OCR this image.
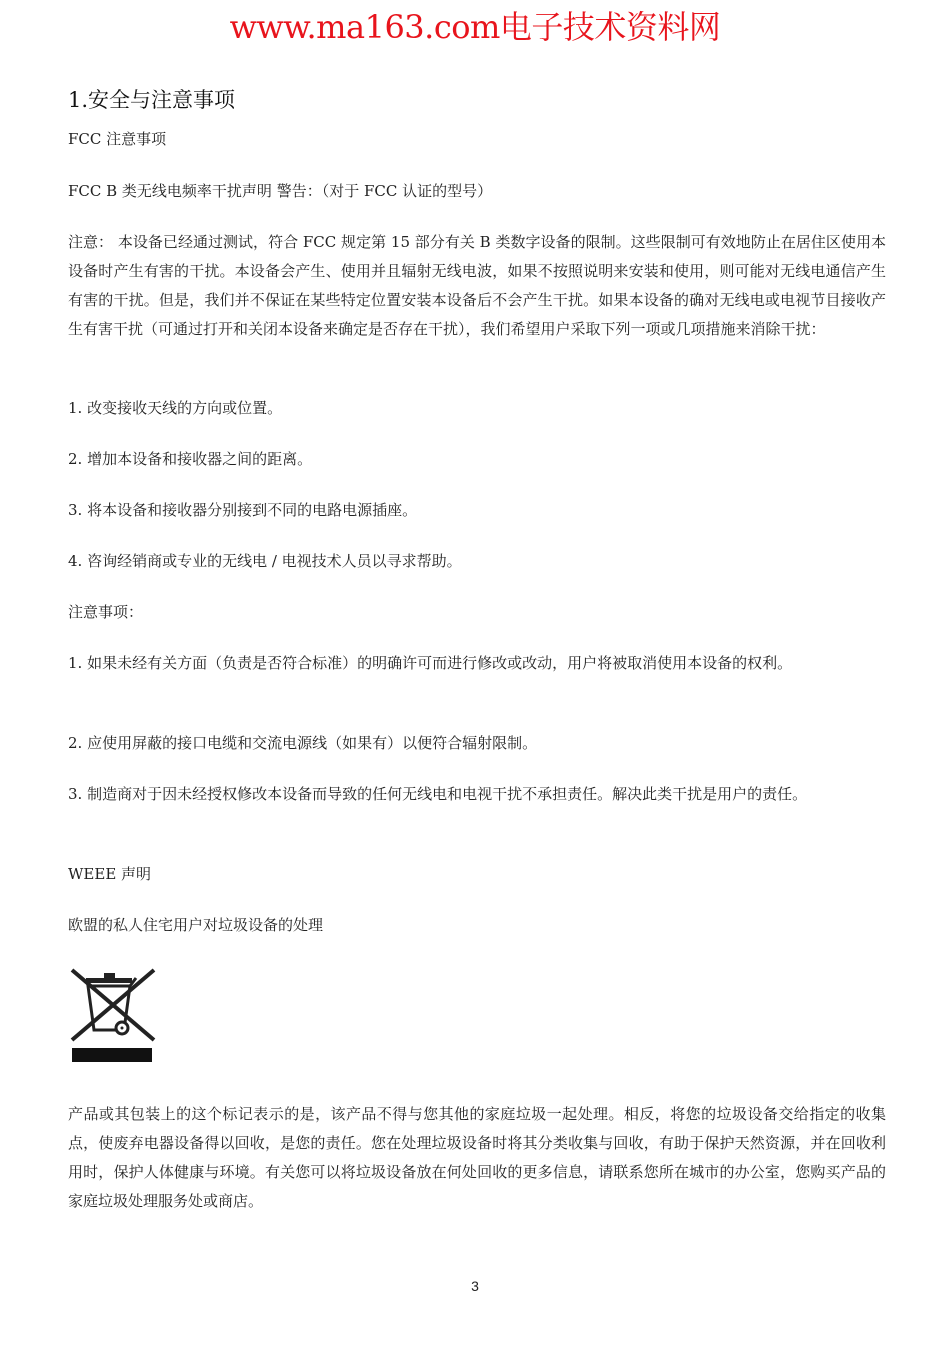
www.ma163.com电子技术资料网
1.安全与注意事项
FCC 注意事项
FCC B 类无线电频率干扰声明 警告：（对于 FCC 认证的型号）
注意： 本设备已经通过测试，符合 FCC 规定第 15 部分有关 B 类数字设备的限制。这些限制可有效地防止在居住区使用本设备时产生有害的干扰。本设备会产生、使用并且辐射无线电波，如果不按照说明来安装和使用，则可能对无线电通信产生有害的干扰。但是，我们并不保证在某些特定位置安装本设备后不会产生干扰。如果本设备的确对无线电或电视节目接收产生有害干扰（可通过打开和关闭本设备来确定是否存在干扰），我们希望用户采取下列一项或几项措施来消除干扰：
1. 改变接收天线的方向或位置。
2. 增加本设备和接收器之间的距离。
3. 将本设备和接收器分别接到不同的电路电源插座。
4. 咨询经销商或专业的无线电 / 电视技术人员以寻求帮助。
注意事项：
1. 如果未经有关方面（负责是否符合标准）的明确许可而进行修改或改动，用户将被取消使用本设备的权利。
2. 应使用屏蔽的接口电缆和交流电源线（如果有）以便符合辐射限制。
3. 制造商对于因未经授权修改本设备而导致的任何无线电和电视干扰不承担责任。解决此类干扰是用户的责任。
WEEE 声明
欧盟的私人住宅用户对垃圾设备的处理
产品或其包装上的这个标记表示的是，该产品不得与您其他的家庭垃圾一起处理。相反，将您的垃圾设备交给指定的收集点，使废弃电器设备得以回收，是您的责任。您在处理垃圾设备时将其分类收集与回收，有助于保护天然资源，并在回收利用时，保护人体健康与环境。有关您可以将垃圾设备放在何处回收的更多信息，请联系您所在城市的办公室，您购买产品的家庭垃圾处理服务处或商店。
3
